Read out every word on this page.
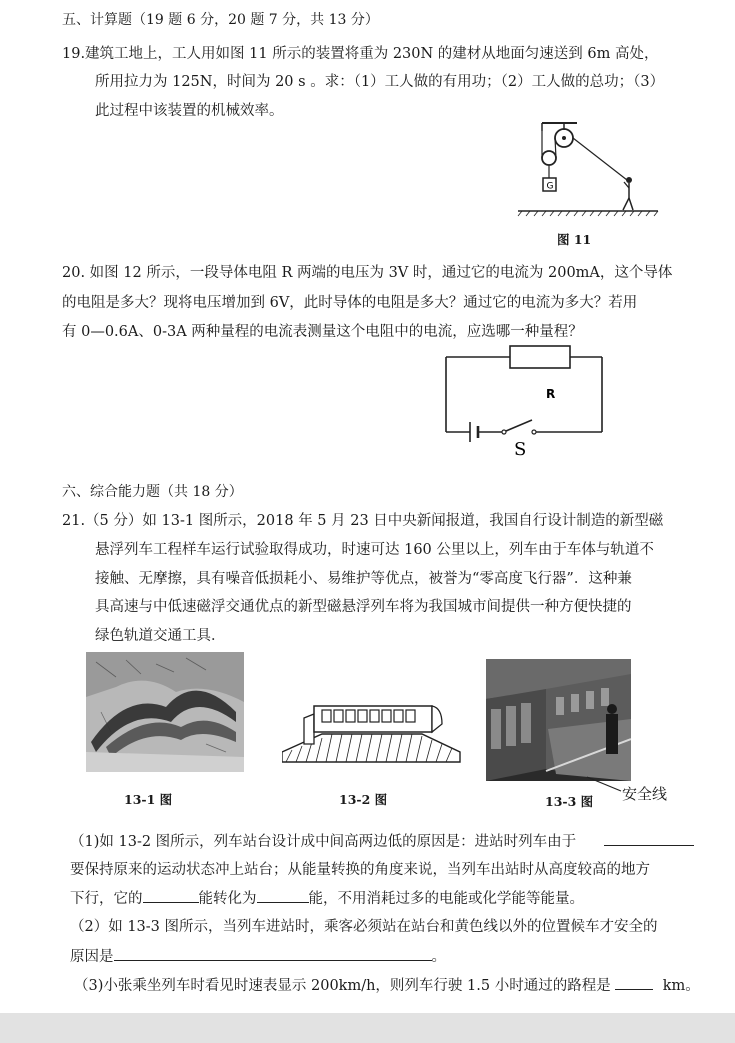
五、计算题（19 题 6 分，20 题 7 分，共 13 分）
19.建筑工地上，工人用如图 11 所示的装置将重为 230N 的建材从地面匀速送到 6m 高处，
所用拉力为 125N，时间为 20 s 。求：（1）工人做的有用功；（2）工人做的总功；（3）
此过程中该装置的机械效率。
G
图 11
20. 如图 12 所示，一段导体电阻 R 两端的电压为 3V 时，通过它的电流为 200mA，这个导体
的电阻是多大？现将电压增加到 6V，此时导体的电阻是多大？通过它的电流为多大？若用
有 0—0.6A、0-3A 两种量程的电流表测量这个电阻中的电流，应选哪一种量程？
R
S
六、综合能力题（共 18 分）
21.（5 分）如 13-1 图所示，2018 年 5 月 23 日中央新闻报道，我国自行设计制造的新型磁
悬浮列车工程样车运行试验取得成功，时速可达 160 公里以上，列车由于车体与轨道不
接触、无摩擦，具有噪音低损耗小、易维护等优点，被誉为“零高度飞行器”．这种兼
具高速与中低速磁浮交通优点的新型磁悬浮列车将为我国城市间提供一种方便快捷的
绿色轨道交通工具．
安全线
13-1 图	13-2 图	13-3 图
（1)如 13-2 图所示，列车站台设计成中间高两边低的原因是：进站时列车由于
要保持原来的运动状态冲上站台；从能量转换的角度来说，当列车出站时从高度较高的地方
下行，它的	能转化为	能，不用消耗过多的电能或化学能等能量。
（2）如 13-3 图所示，当列车进站时，乘客必须站在站台和黄色线以外的位置候车才安全的
原因是	。
（3)小张乘坐列车时看见时速表显示 200km/h，则列车行驶 1.5 小时通过的路程是	km。
